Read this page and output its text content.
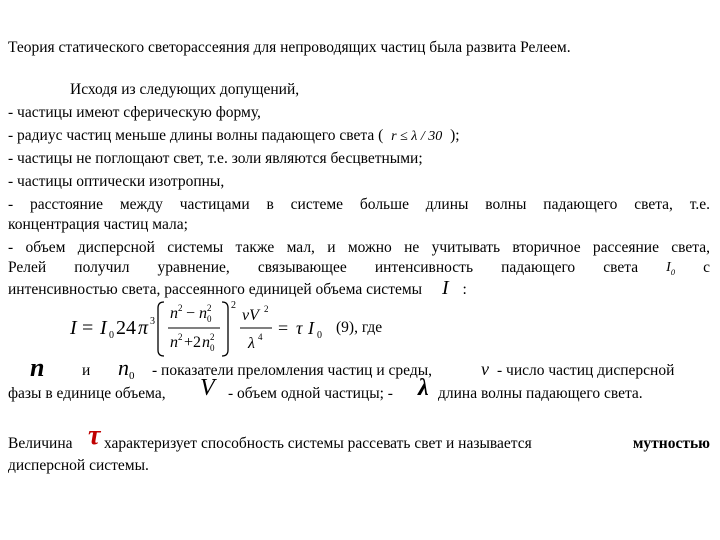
Теория статического светорассеяния для непроводящих частиц была развита Релеем.
Исходя из следующих допущений,
- частицы имеют сферическую форму,
- радиус частиц меньше длины волны падающего света ( r ≤ λ / 30 );
- частицы не поглощают свет, т.е. золи являются бесцветными;
- частицы оптически изотропны,
- расстояние между частицами в системе больше длины волны падающего света, т.е.
концентрация частиц мала;
- объем дисперсной системы также мал, и можно не учитывать вторичное рассеяние света,
Релей получил уравнение, связывающее интенсивность падающего света $I_0$ с
интенсивностью света, рассеянного единицей объема системы I :
I = I 0 24 π 3 n 2 − n 2
0
n 2 +2 n 2
0
2
νV 2
λ 4 = τ I 0 (9), где
n и $n_0$ - показатели преломления частиц и среды,	ν - число частиц дисперсной
фазы в единице объема, V - объем одной частицы; - λ длина волны падающего света.
Величина τ характеризует способность системы рассевать свет и называется	мутностью
дисперсной системы.
